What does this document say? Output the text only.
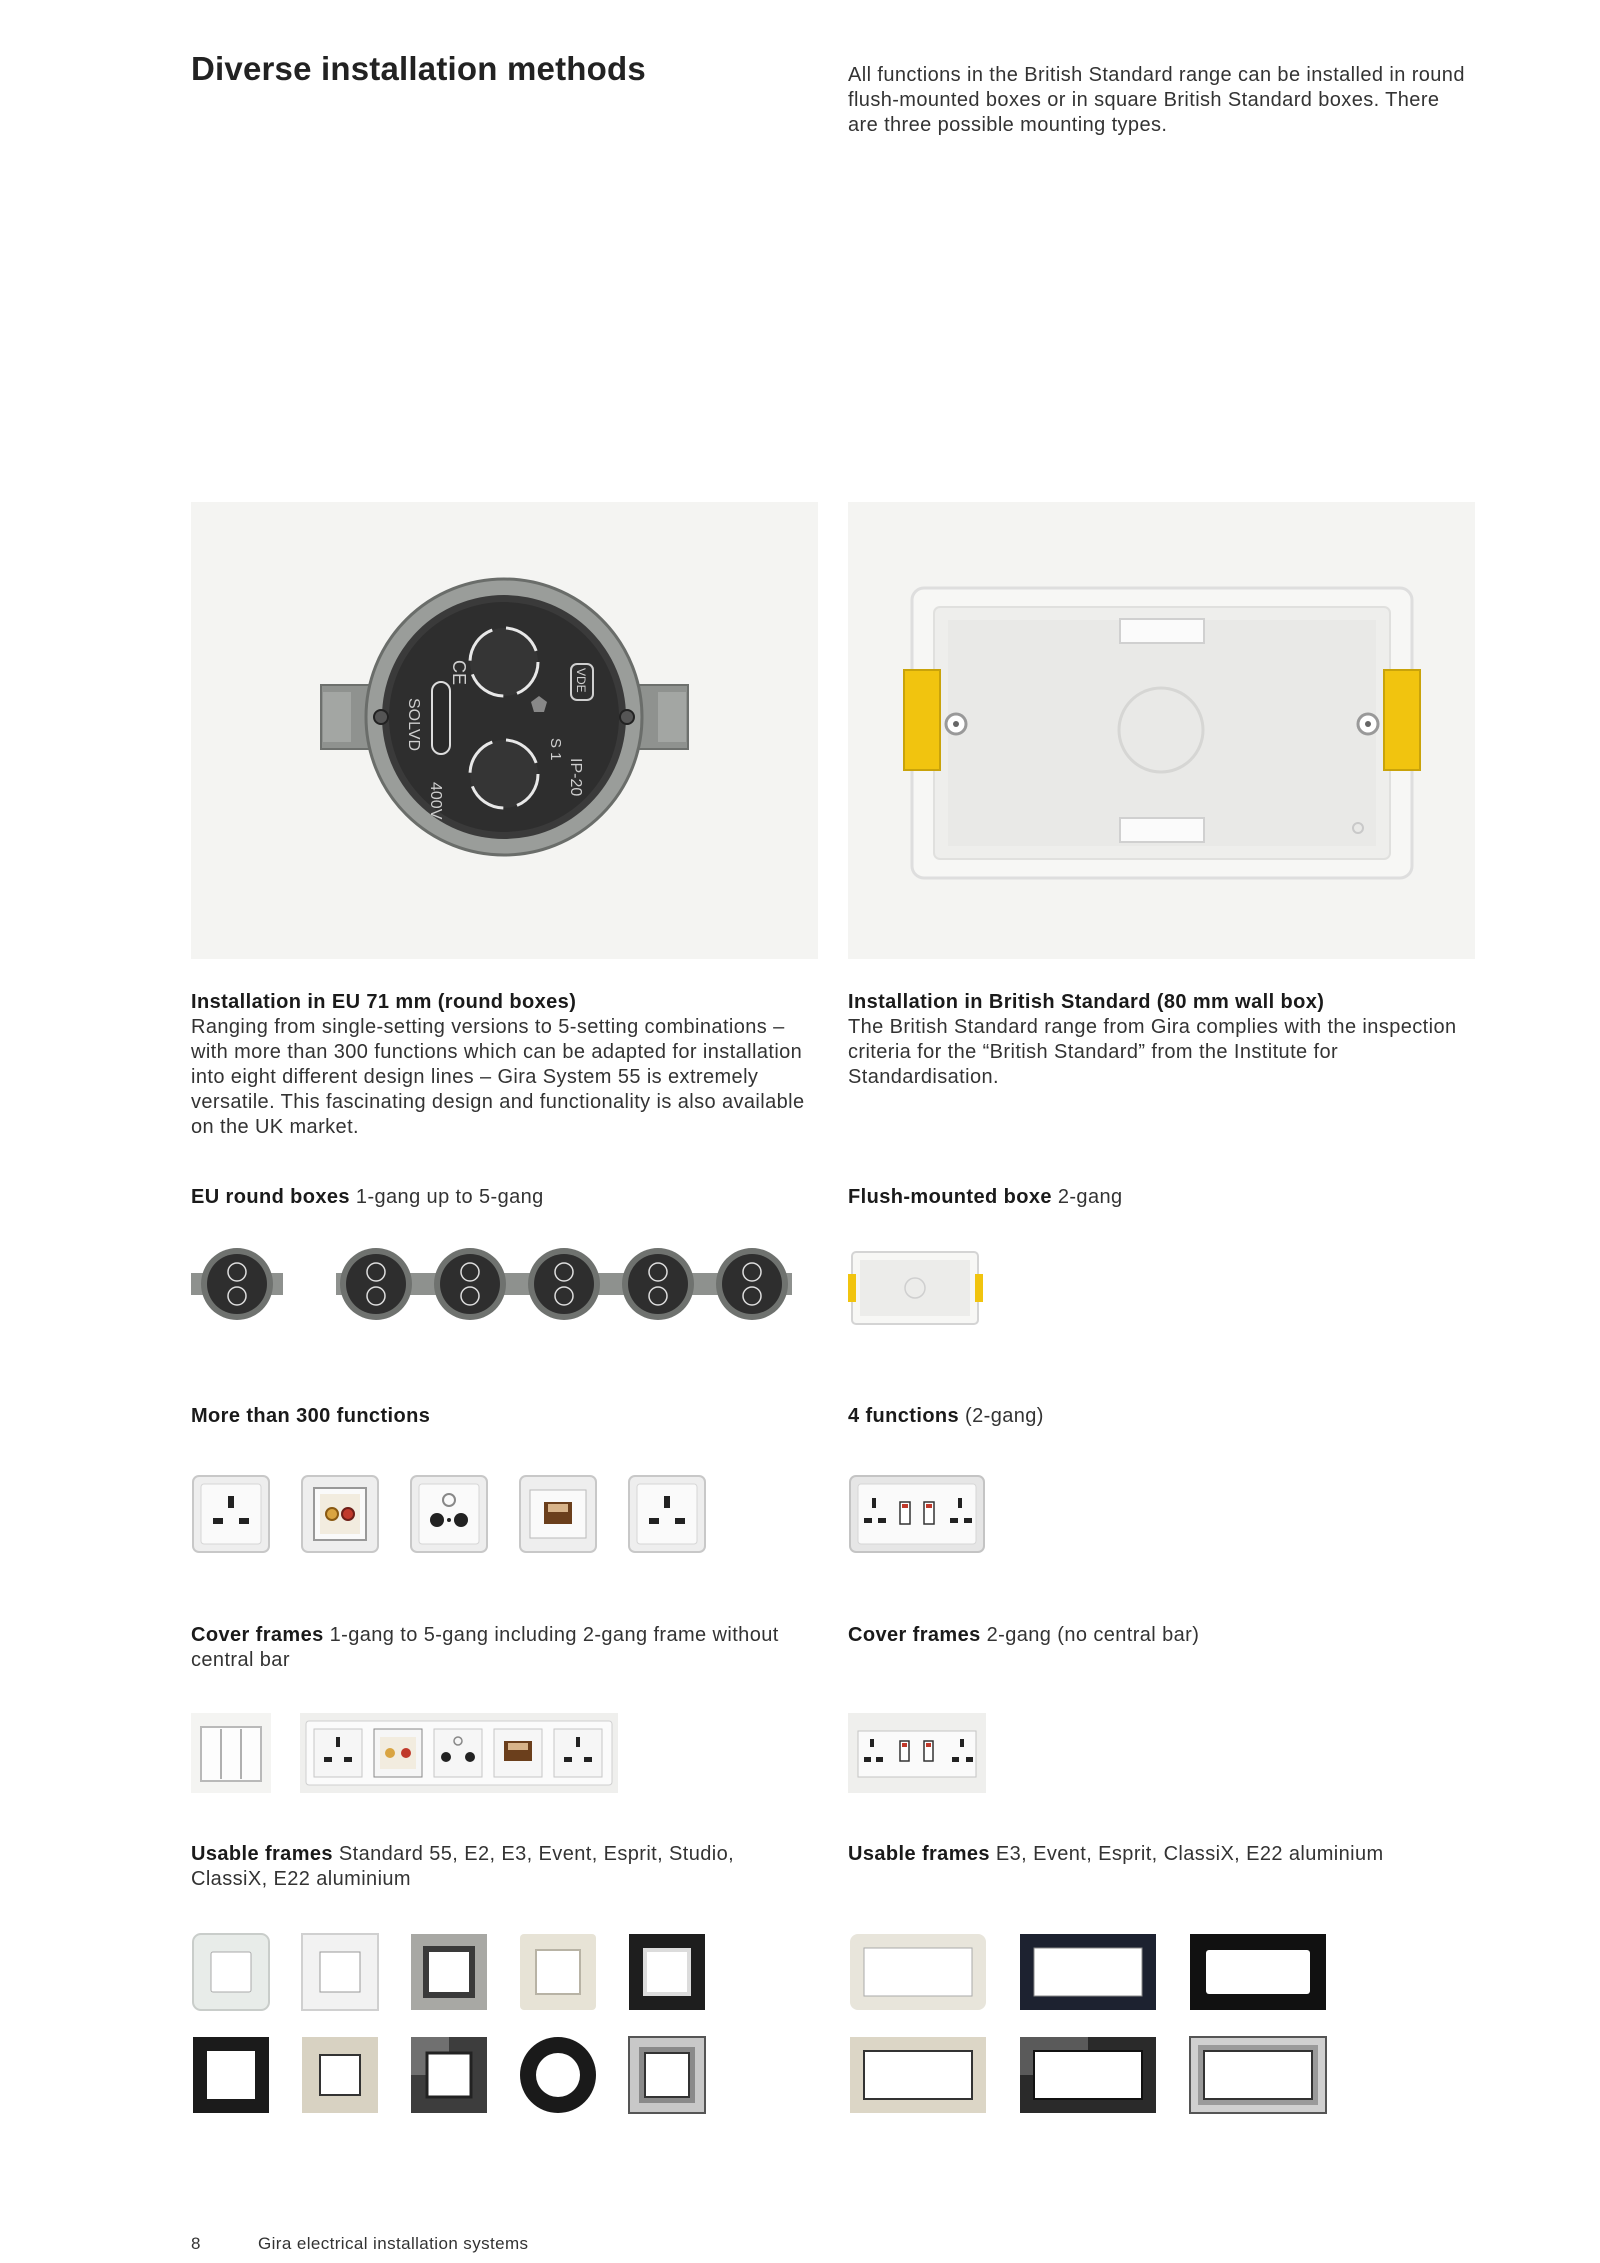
Diverse installation methods	All functions in the British Standard range can be installed in round flush-mounted boxes or in square British Standard boxes. There are three possible mounting types.
CE
SOLVD
400V
IP-20
S 1
VDE
Installation in EU 71 mm (round boxes)
Ranging from single-setting versions to 5-setting combinations – with more than 300 functions which can be adapted for installation into eight different design lines – Gira System 55 is extremely versatile. This fascinating design and functionality is also available on the UK market.
Installation in British Standard (80 mm wall box)
The British Standard range from Gira complies with the inspection criteria for the “British Standard” from the Institute for Standardisation.
EU round boxes 1-gang up to 5-gang
More than 300 functions
Cover frames 1-gang to 5-gang including 2-gang frame without central bar
Usable frames Standard 55, E2, E3, Event, Esprit, Studio, ClassiX, E22 aluminium
Flush-mounted boxe 2-gang
4 functions (2-gang)
Cover frames 2-gang (no central bar)
Usable frames E3, Event, Esprit, ClassiX, E22 aluminium
8	Gira electrical installation systems
